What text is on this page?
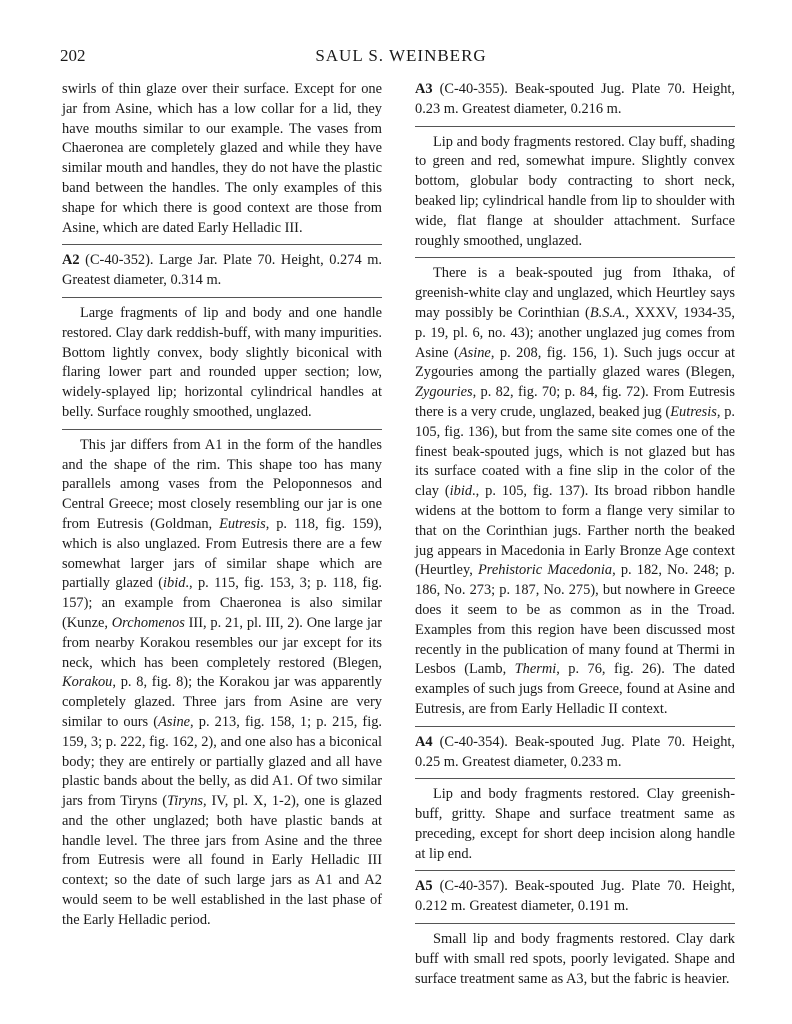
202	SAUL S. WEINBERG

swirls of thin glaze over their surface. Except for one jar from Asine, which has a low collar for a lid, they have mouths similar to our example. The vases from Chaeronea are completely glazed and while they have similar mouth and handles, they do not have the plastic band between the handles. The only examples of this shape for which there is good context are those from Asine, which are dated Early Helladic III.

A2 (C-40-352). Large Jar. Plate 70. Height, 0.274 m. Greatest diameter, 0.314 m.

Large fragments of lip and body and one handle restored. Clay dark reddish-buff, with many impurities. Bottom lightly convex, body slightly biconical with flaring lower part and rounded upper section; low, widely-splayed lip; horizontal cylindrical handles at belly. Surface roughly smoothed, unglazed.

This jar differs from A1 in the form of the handles and the shape of the rim. This shape too has many parallels among vases from the Peloponnesos and Central Greece; most closely resembling our jar is one from Eutresis (Goldman, Eutresis, p. 118, fig. 159), which is also unglazed. From Eutresis there are a few somewhat larger jars of similar shape which are partially glazed (ibid., p. 115, fig. 153, 3; p. 118, fig. 157); an example from Chaeronea is also similar (Kunze, Orchomenos III, p. 21, pl. III, 2). One large jar from nearby Korakou resembles our jar except for its neck, which has been completely restored (Blegen, Korakou, p. 8, fig. 8); the Korakou jar was apparently completely glazed. Three jars from Asine are very similar to ours (Asine, p. 213, fig. 158, 1; p. 215, fig. 159, 3; p. 222, fig. 162, 2), and one also has a biconical body; they are entirely or partially glazed and all have plastic bands about the belly, as did A1. Of two similar jars from Tiryns (Tiryns, IV, pl. X, 1-2), one is glazed and the other unglazed; both have plastic bands at handle level. The three jars from Asine and the three from Eutresis were all found in Early Helladic III context; so the date of such large jars as A1 and A2 would seem to be well established in the last phase of the Early Helladic period.

A3 (C-40-355). Beak-spouted Jug. Plate 70. Height, 0.23 m. Greatest diameter, 0.216 m.

Lip and body fragments restored. Clay buff, shading to green and red, somewhat impure. Slightly convex bottom, globular body contracting to short neck, beaked lip; cylindrical handle from lip to shoulder with wide, flat flange at shoulder attachment. Surface roughly smoothed, unglazed.

There is a beak-spouted jug from Ithaka, of greenish-white clay and unglazed, which Heurtley says may possibly be Corinthian (B.S.A., XXXV, 1934-35, p. 19, pl. 6, no. 43); another unglazed jug comes from Asine (Asine, p. 208, fig. 156, 1). Such jugs occur at Zygouries among the partially glazed wares (Blegen, Zygouries, p. 82, fig. 70; p. 84, fig. 72). From Eutresis there is a very crude, unglazed, beaked jug (Eutresis, p. 105, fig. 136), but from the same site comes one of the finest beak-spouted jugs, which is not glazed but has its surface coated with a fine slip in the color of the clay (ibid., p. 105, fig. 137). Its broad ribbon handle widens at the bottom to form a flange very similar to that on the Corinthian jugs. Farther north the beaked jug appears in Macedonia in Early Bronze Age context (Heurtley, Prehistoric Macedonia, p. 182, No. 248; p. 186, No. 273; p. 187, No. 275), but nowhere in Greece does it seem to be as common as in the Troad. Examples from this region have been discussed most recently in the publication of many found at Thermi in Lesbos (Lamb, Thermi, p. 76, fig. 26). The dated examples of such jugs from Greece, found at Asine and Eutresis, are from Early Helladic II context.

A4 (C-40-354). Beak-spouted Jug. Plate 70. Height, 0.25 m. Greatest diameter, 0.233 m.

Lip and body fragments restored. Clay greenish-buff, gritty. Shape and surface treatment same as preceding, except for short deep incision along handle at lip end.

A5 (C-40-357). Beak-spouted Jug. Plate 70. Height, 0.212 m. Greatest diameter, 0.191 m.

Small lip and body fragments restored. Clay dark buff with small red spots, poorly levigated. Shape and surface treatment same as A3, but the fabric is heavier.
